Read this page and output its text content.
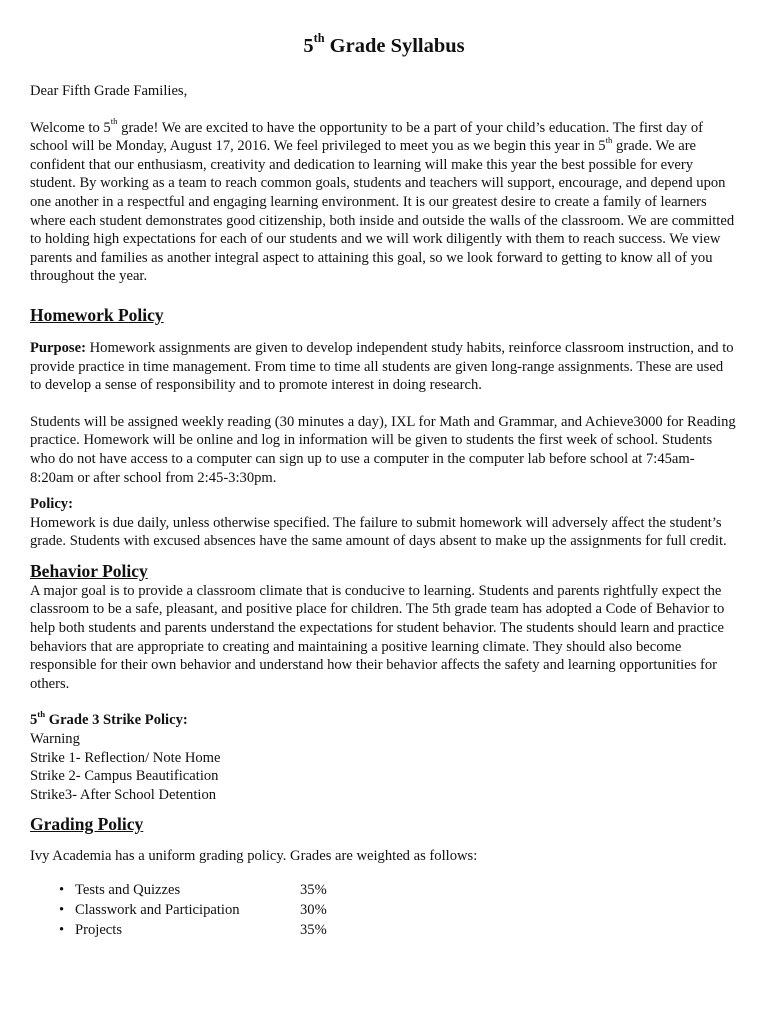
5th Grade Syllabus

Dear Fifth Grade Families,

Welcome to 5th grade! We are excited to have the opportunity to be a part of your child’s education. The first day of school will be Monday, August 17, 2016. We feel privileged to meet you as we begin this year in 5th grade. We are confident that our enthusiasm, creativity and dedication to learning will make this year the best possible for every student. By working as a team to reach common goals, students and teachers will support, encourage, and depend upon one another in a respectful and engaging learning environment. It is our greatest desire to create a family of learners where each student demonstrates good citizenship, both inside and outside the walls of the classroom. We are committed to holding high expectations for each of our students and we will work diligently with them to reach success. We view parents and families as another integral aspect to attaining this goal, so we look forward to getting to know all of you throughout the year.

Homework Policy

Purpose: Homework assignments are given to develop independent study habits, reinforce classroom instruction, and to provide practice in time management. From time to time all students are given long-range assignments. These are used to develop a sense of responsibility and to promote interest in doing research.

Students will be assigned weekly reading (30 minutes a day), IXL for Math and Grammar, and Achieve3000 for Reading practice. Homework will be online and log in information will be given to students the first week of school. Students who do not have access to a computer can sign up to use a computer in the computer lab before school at 7:45am-8:20am or after school from 2:45-3:30pm.

Policy:

Homework is due daily, unless otherwise specified. The failure to submit homework will adversely affect the student’s grade. Students with excused absences have the same amount of days absent to make up the assignments for full credit.

Behavior Policy

A major goal is to provide a classroom climate that is conducive to learning. Students and parents rightfully expect the classroom to be a safe, pleasant, and positive place for children. The 5th grade team has adopted a Code of Behavior to help both students and parents understand the expectations for student behavior. The students should learn and practice behaviors that are appropriate to creating and maintaining a positive learning climate. They should also become responsible for their own behavior and understand how their behavior affects the safety and learning opportunities for others.

5th Grade 3 Strike Policy:

Warning
Strike 1- Reflection/ Note Home
Strike 2- Campus Beautification
Strike3- After School Detention
Grading Policy

Ivy Academia has a uniform grading policy. Grades are weighted as follows:

• Tests and Quizzes	35%
• Classwork and Participation	30%
• Projects	35%
